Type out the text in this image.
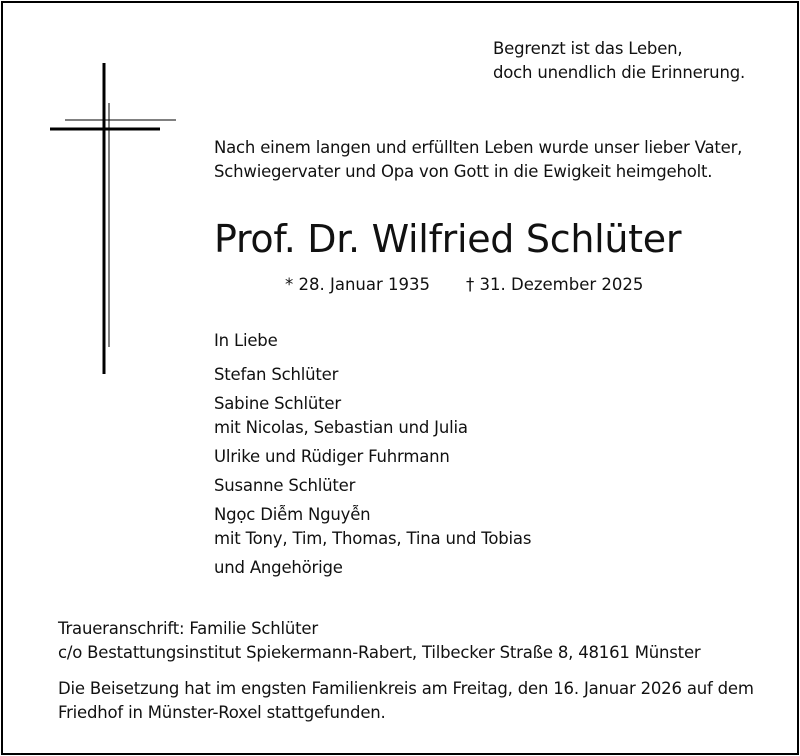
Begrenzt ist das Leben,
doch unendlich die Erinnerung.
Nach einem langen und erfüllten Leben wurde unser lieber Vater,
Schwiegervater und Opa von Gott in die Ewigkeit heimgeholt.
Prof. Dr. Wilfried Schlüter
* 28. Januar 1935 † 31. Dezember 2025
In Liebe
Stefan Schlüter
Sabine Schlüter
mit Nicolas, Sebastian und Julia
Ulrike und Rüdiger Fuhrmann
Susanne Schlüter
Ngọc Diễm Nguyễn
mit Tony, Tim, Thomas, Tina und Tobias
und Angehörige
Traueranschrift: Familie Schlüter
c/o Bestattungsinstitut Spiekermann-Rabert, Tilbecker Straße 8, 48161 Münster
Die Beisetzung hat im engsten Familienkreis am Freitag, den 16. Januar 2026 auf dem
Friedhof in Münster-Roxel stattgefunden.
